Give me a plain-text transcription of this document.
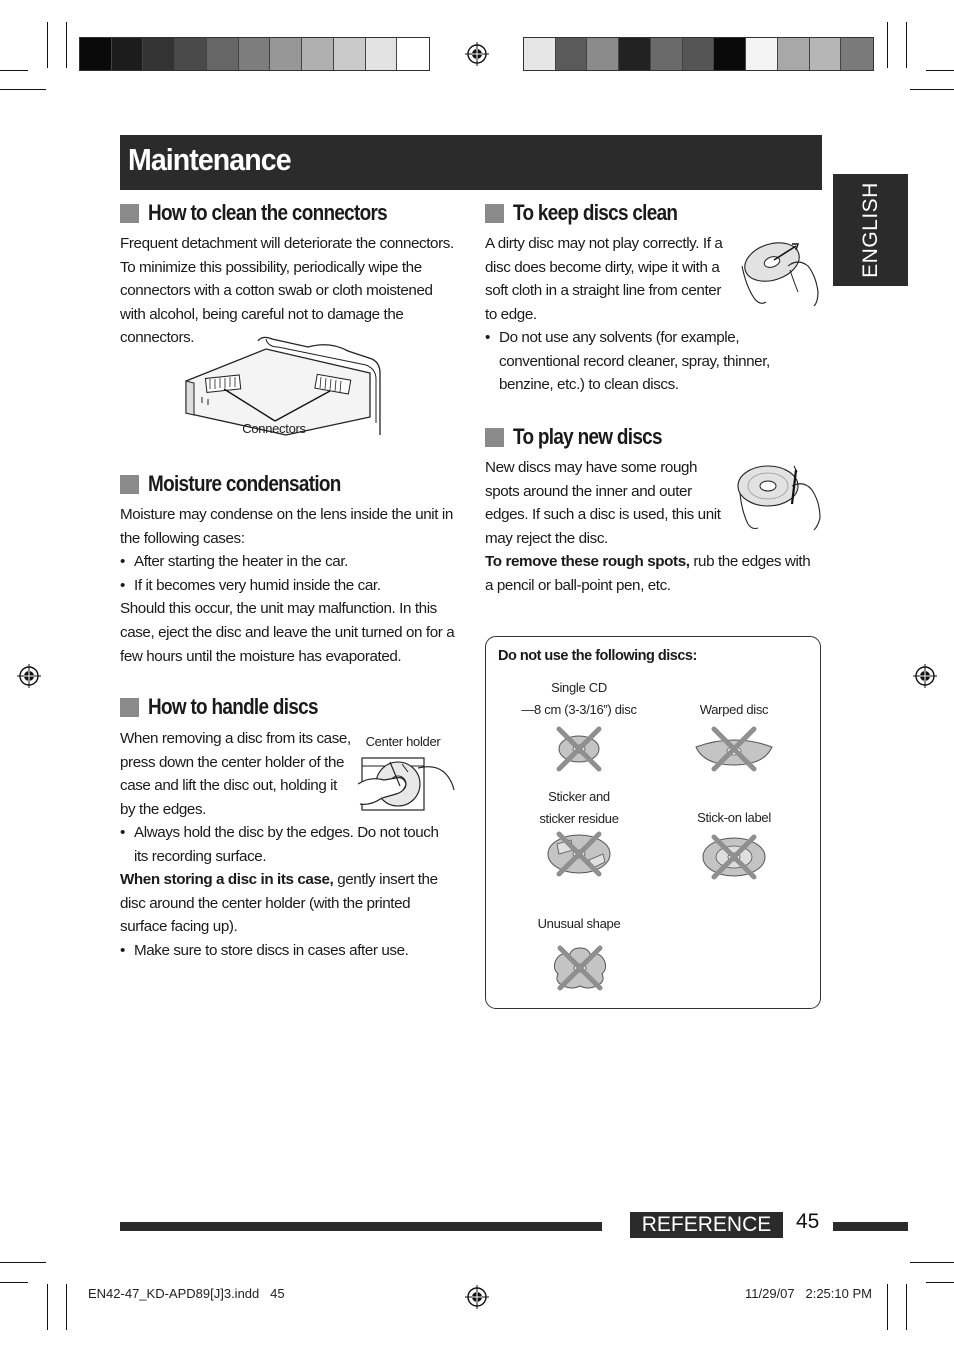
Maintenance
ENGLISH
How to clean the connectors

Frequent detachment will deteriorate the connectors. To minimize this possibility, periodically wipe the connectors with a cotton swab or cloth moistened with alcohol, being careful not to damage the connectors.

Connectors
Moisture condensation

Moisture may condense on the lens inside the unit in the following cases:

• After starting the heater in the car.

• If it becomes very humid inside the car.

Should this occur, the unit may malfunction. In this case, eject the disc and leave the unit turned on for a few hours until the moisture has evaporated.

How to handle discs

When removing a disc from its case, press down the center holder of the case and lift the disc out, holding it by the edges.

Center holder

• Always hold the disc by the edges. Do not touch its recording surface.

When storing a disc in its case, gently insert the disc around the center holder (with the printed surface facing up).

• Make sure to store discs in cases after use.

To keep discs clean

A dirty disc may not play correctly. If a disc does become dirty, wipe it with a soft cloth in a straight line from center to edge.

• Do not use any solvents (for example, conventional record cleaner, spray, thinner, benzine, etc.) to clean discs.

To play new discs

New discs may have some rough spots around the inner and outer edges. If such a disc is used, this unit may reject the disc.

To remove these rough spots, rub the edges with a pencil or ball-point pen, etc.

Do not use the following discs:
Single CD
—8 cm (3-3/16”) disc	Warped disc
Sticker and
sticker residue	Stick-on label
Unusual shape
REFERENCE	45
EN42-47_KD-APD89[J]3.indd   45	11/29/07   2:25:10 PM
